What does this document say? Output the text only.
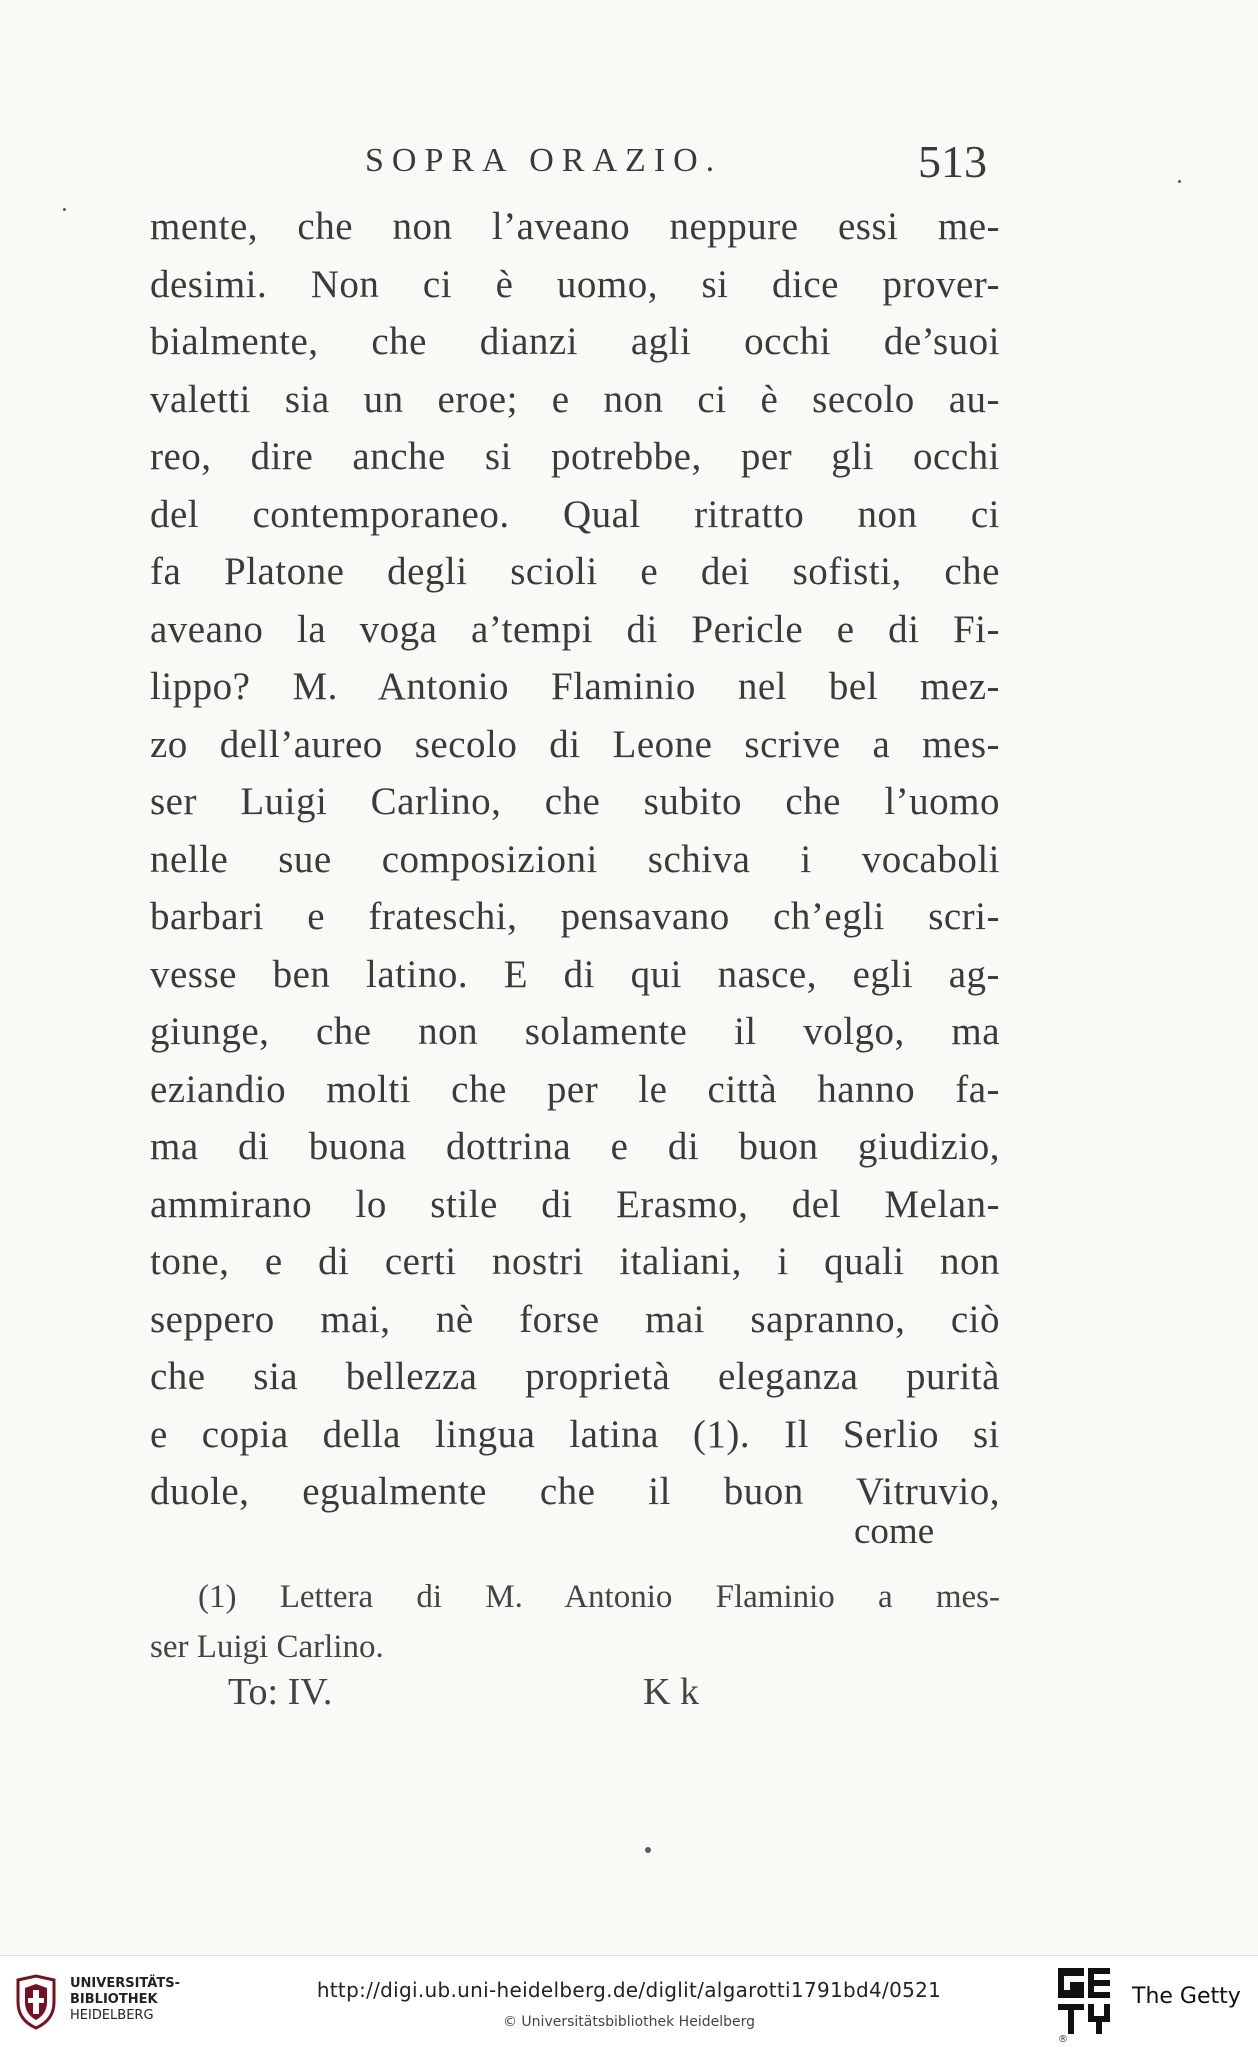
SOPRA ORAZIO.	513
mente, che non l’aveano neppure essi me-
desimi. Non ci è uomo, si dice prover-
bialmente, che dianzi agli occhi de’suoi
valetti sia un eroe; e non ci è secolo au-
reo, dire anche si potrebbe, per gli occhi
del contemporaneo. Qual ritratto non ci
fa Platone degli scioli e dei sofisti, che
aveano la voga a’tempi di Pericle e di Fi-
lippo? M. Antonio Flaminio nel bel mez-
zo dell’aureo secolo di Leone scrive a mes-
ser Luigi Carlino, che subito che l’uomo
nelle sue composizioni schiva i vocaboli
barbari e frateschi, pensavano ch’egli scri-
vesse ben latino. E di qui nasce, egli ag-
giunge, che non solamente il volgo, ma
eziandio molti che per le città hanno fa-
ma di buona dottrina e di buon giudizio,
ammirano lo stile di Erasmo, del Melan-
tone, e di certi nostri italiani, i quali non
seppero mai, nè forse mai sapranno, ciò
che sia bellezza proprietà eleganza purità
e copia della lingua latina (1). Il Serlio si
duole, egualmente che il buon Vitruvio,
come
(1) Lettera di M. Antonio Flaminio a mes-
ser Luigi Carlino.
To: IV.	K k
UNIVERSITÄTS-
BIBLIOTHEK
HEIDELBERG
http://digi.ub.uni-heidelberg.de/diglit/algarotti1791bd4/0521
© Universitätsbibliothek Heidelberg
The Getty
®
